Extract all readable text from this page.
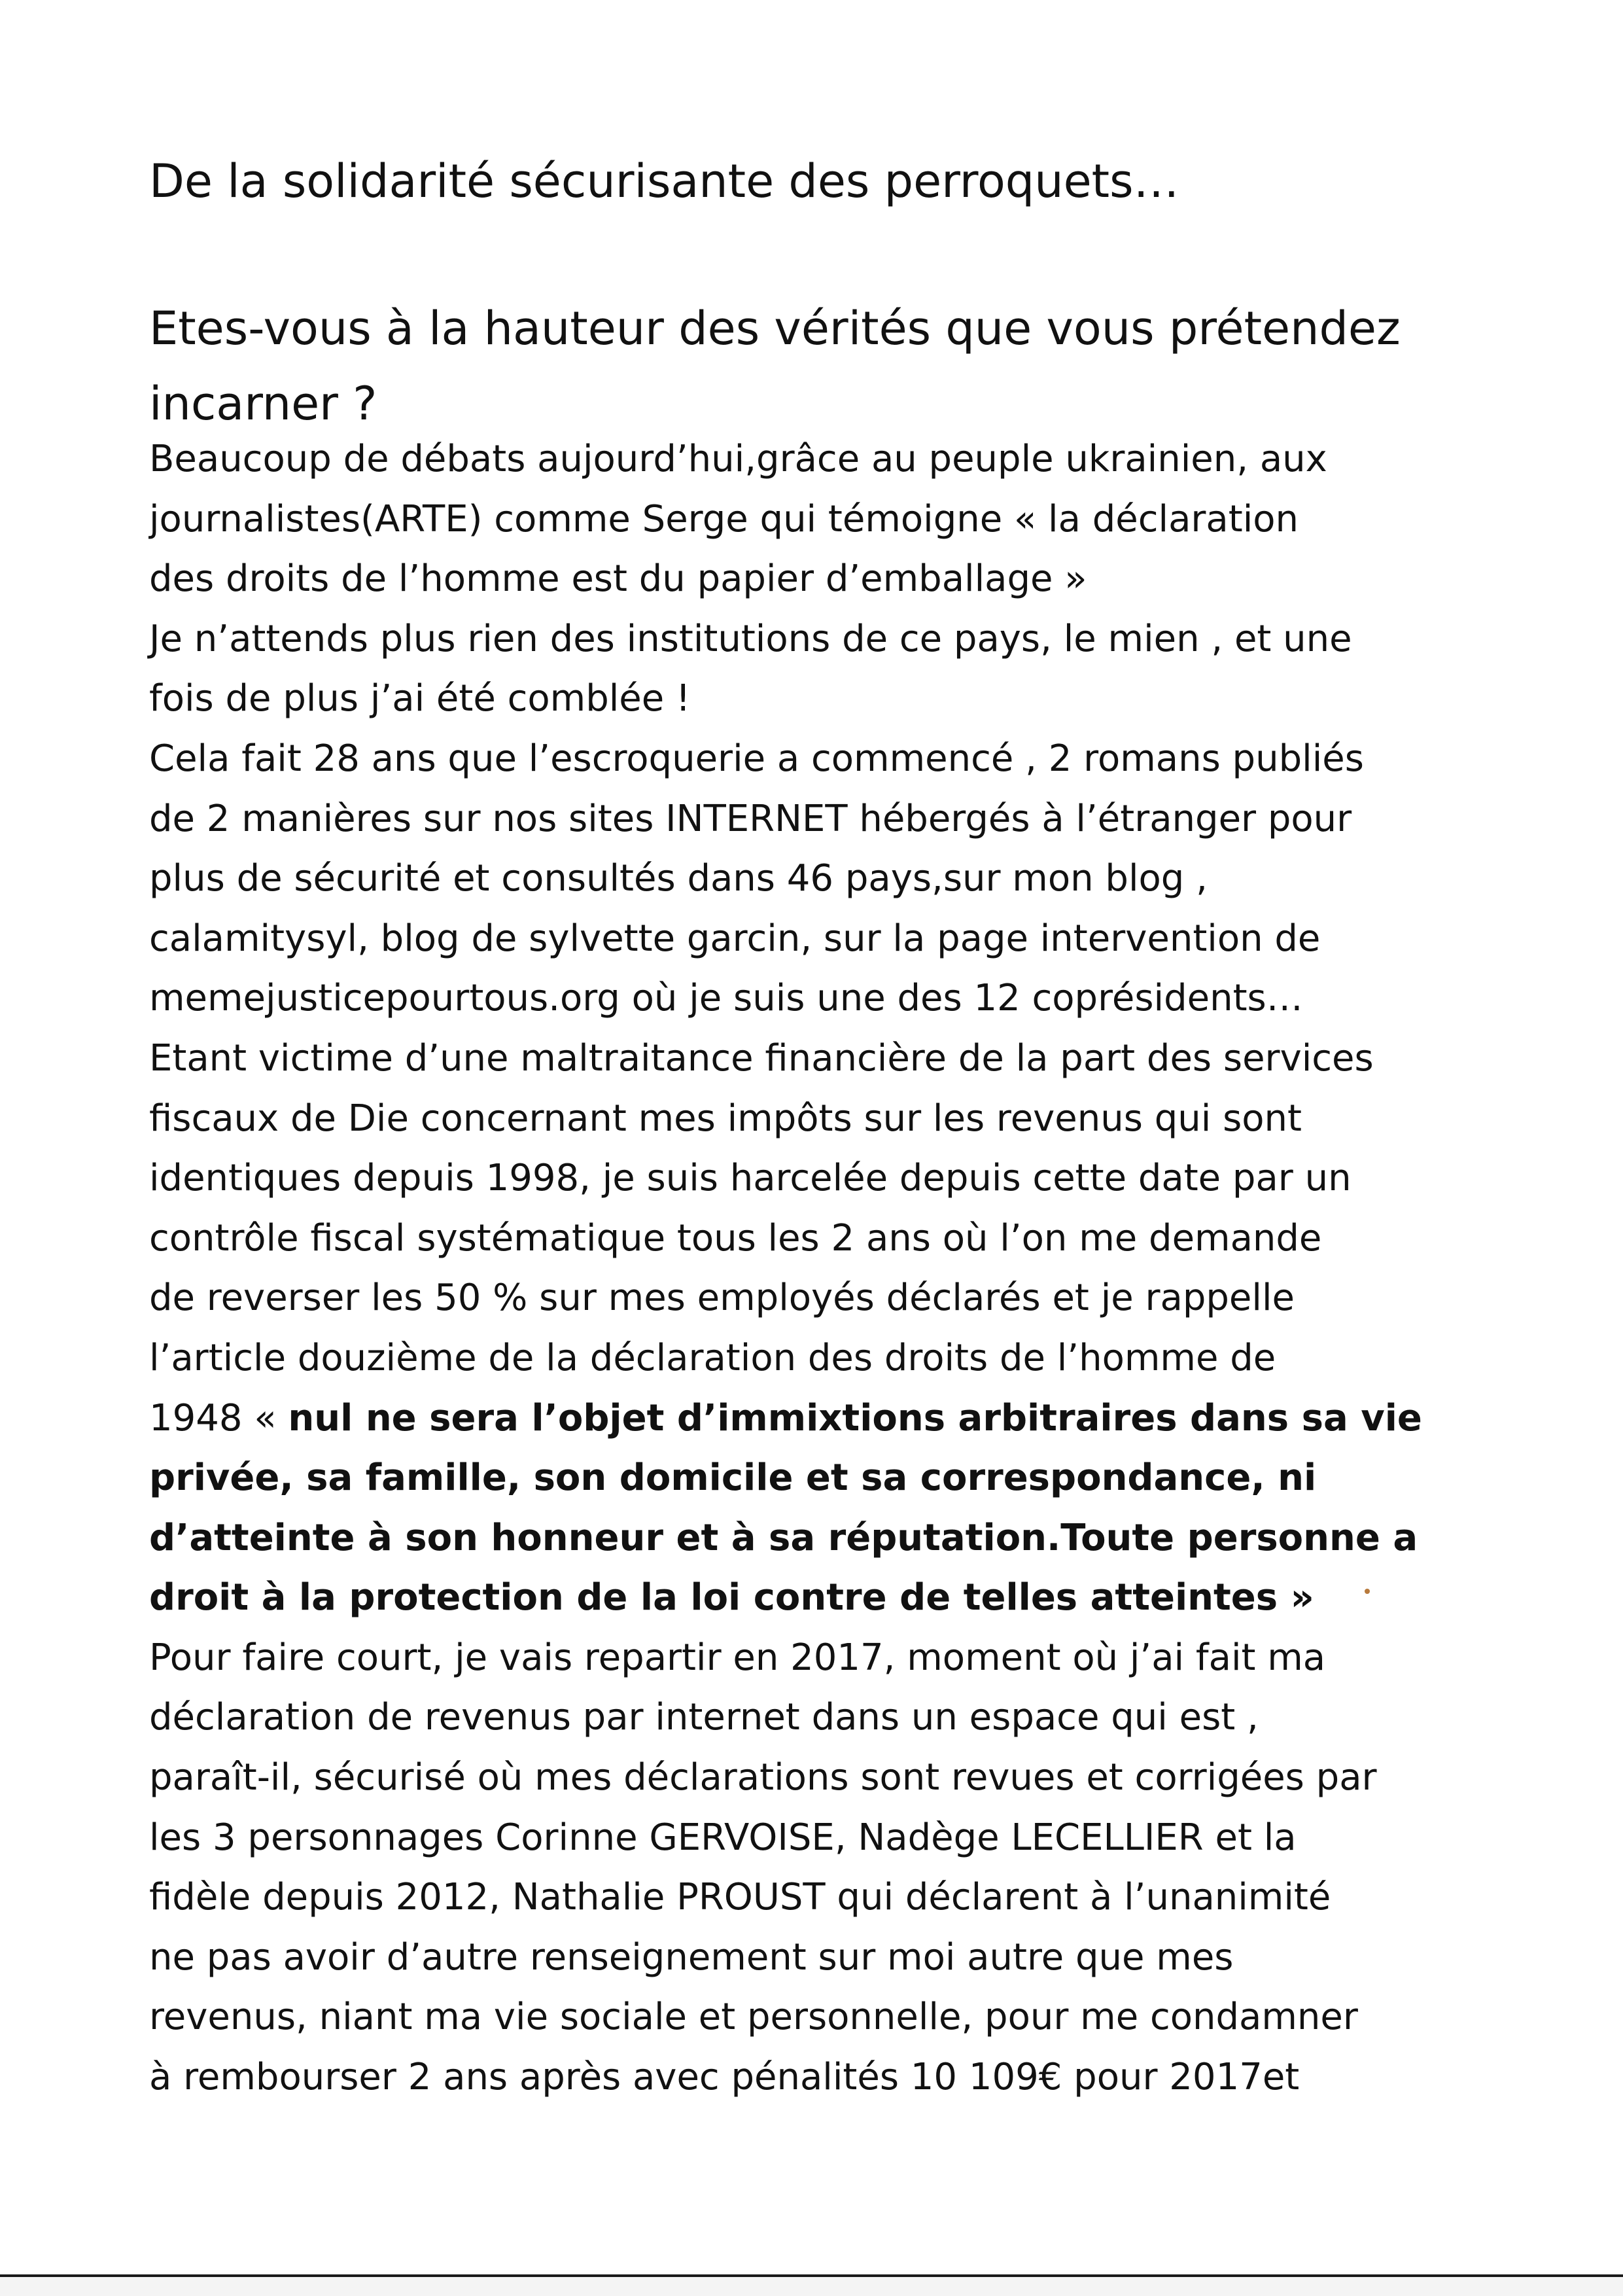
De la solidarité sécurisante des perroquets…
Etes-vous à la hauteur des vérités que vous prétendez incarner ?
Beaucoup de débats aujourd’hui,grâce au peuple ukrainien, aux
journalistes(ARTE) comme Serge qui témoigne « la déclaration
des droits de l’homme est du papier d’emballage »
Je n’attends plus rien des institutions de ce pays, le mien , et une
fois de plus j’ai été comblée !
Cela fait 28 ans que l’escroquerie a commencé , 2 romans publiés
de 2 manières sur nos sites INTERNET hébergés à l’étranger pour
plus de sécurité et consultés dans 46 pays,sur mon blog ,
calamitysyl, blog de sylvette garcin, sur la page intervention de
memejusticepourtous.org où je suis une des 12 coprésidents…
Etant victime d’une maltraitance financière de la part des services
fiscaux de Die concernant mes impôts sur les revenus qui sont
identiques depuis 1998, je suis harcelée depuis cette date par un
contrôle fiscal systématique tous les 2 ans où l’on me demande
de reverser les 50 % sur mes employés déclarés et je rappelle
l’article douzième de la déclaration des droits de l’homme de
1948 « nul ne sera l’objet d’immixtions arbitraires dans sa vie
privée, sa famille, son domicile et sa correspondance, ni
d’atteinte à son honneur et à sa réputation.Toute personne a
droit à la protection de la loi contre de telles atteintes »
Pour faire court, je vais repartir en 2017, moment où j’ai fait ma
déclaration de revenus par internet dans un espace qui est ,
paraît-il, sécurisé où mes déclarations sont revues et corrigées par
les 3 personnages Corinne GERVOISE, Nadège LECELLIER et la
fidèle depuis 2012, Nathalie PROUST qui déclarent à l’unanimité
ne pas avoir d’autre renseignement sur moi autre que mes
revenus, niant ma vie sociale et personnelle, pour me condamner
à rembourser 2 ans après avec pénalités 10 109€ pour 2017et
